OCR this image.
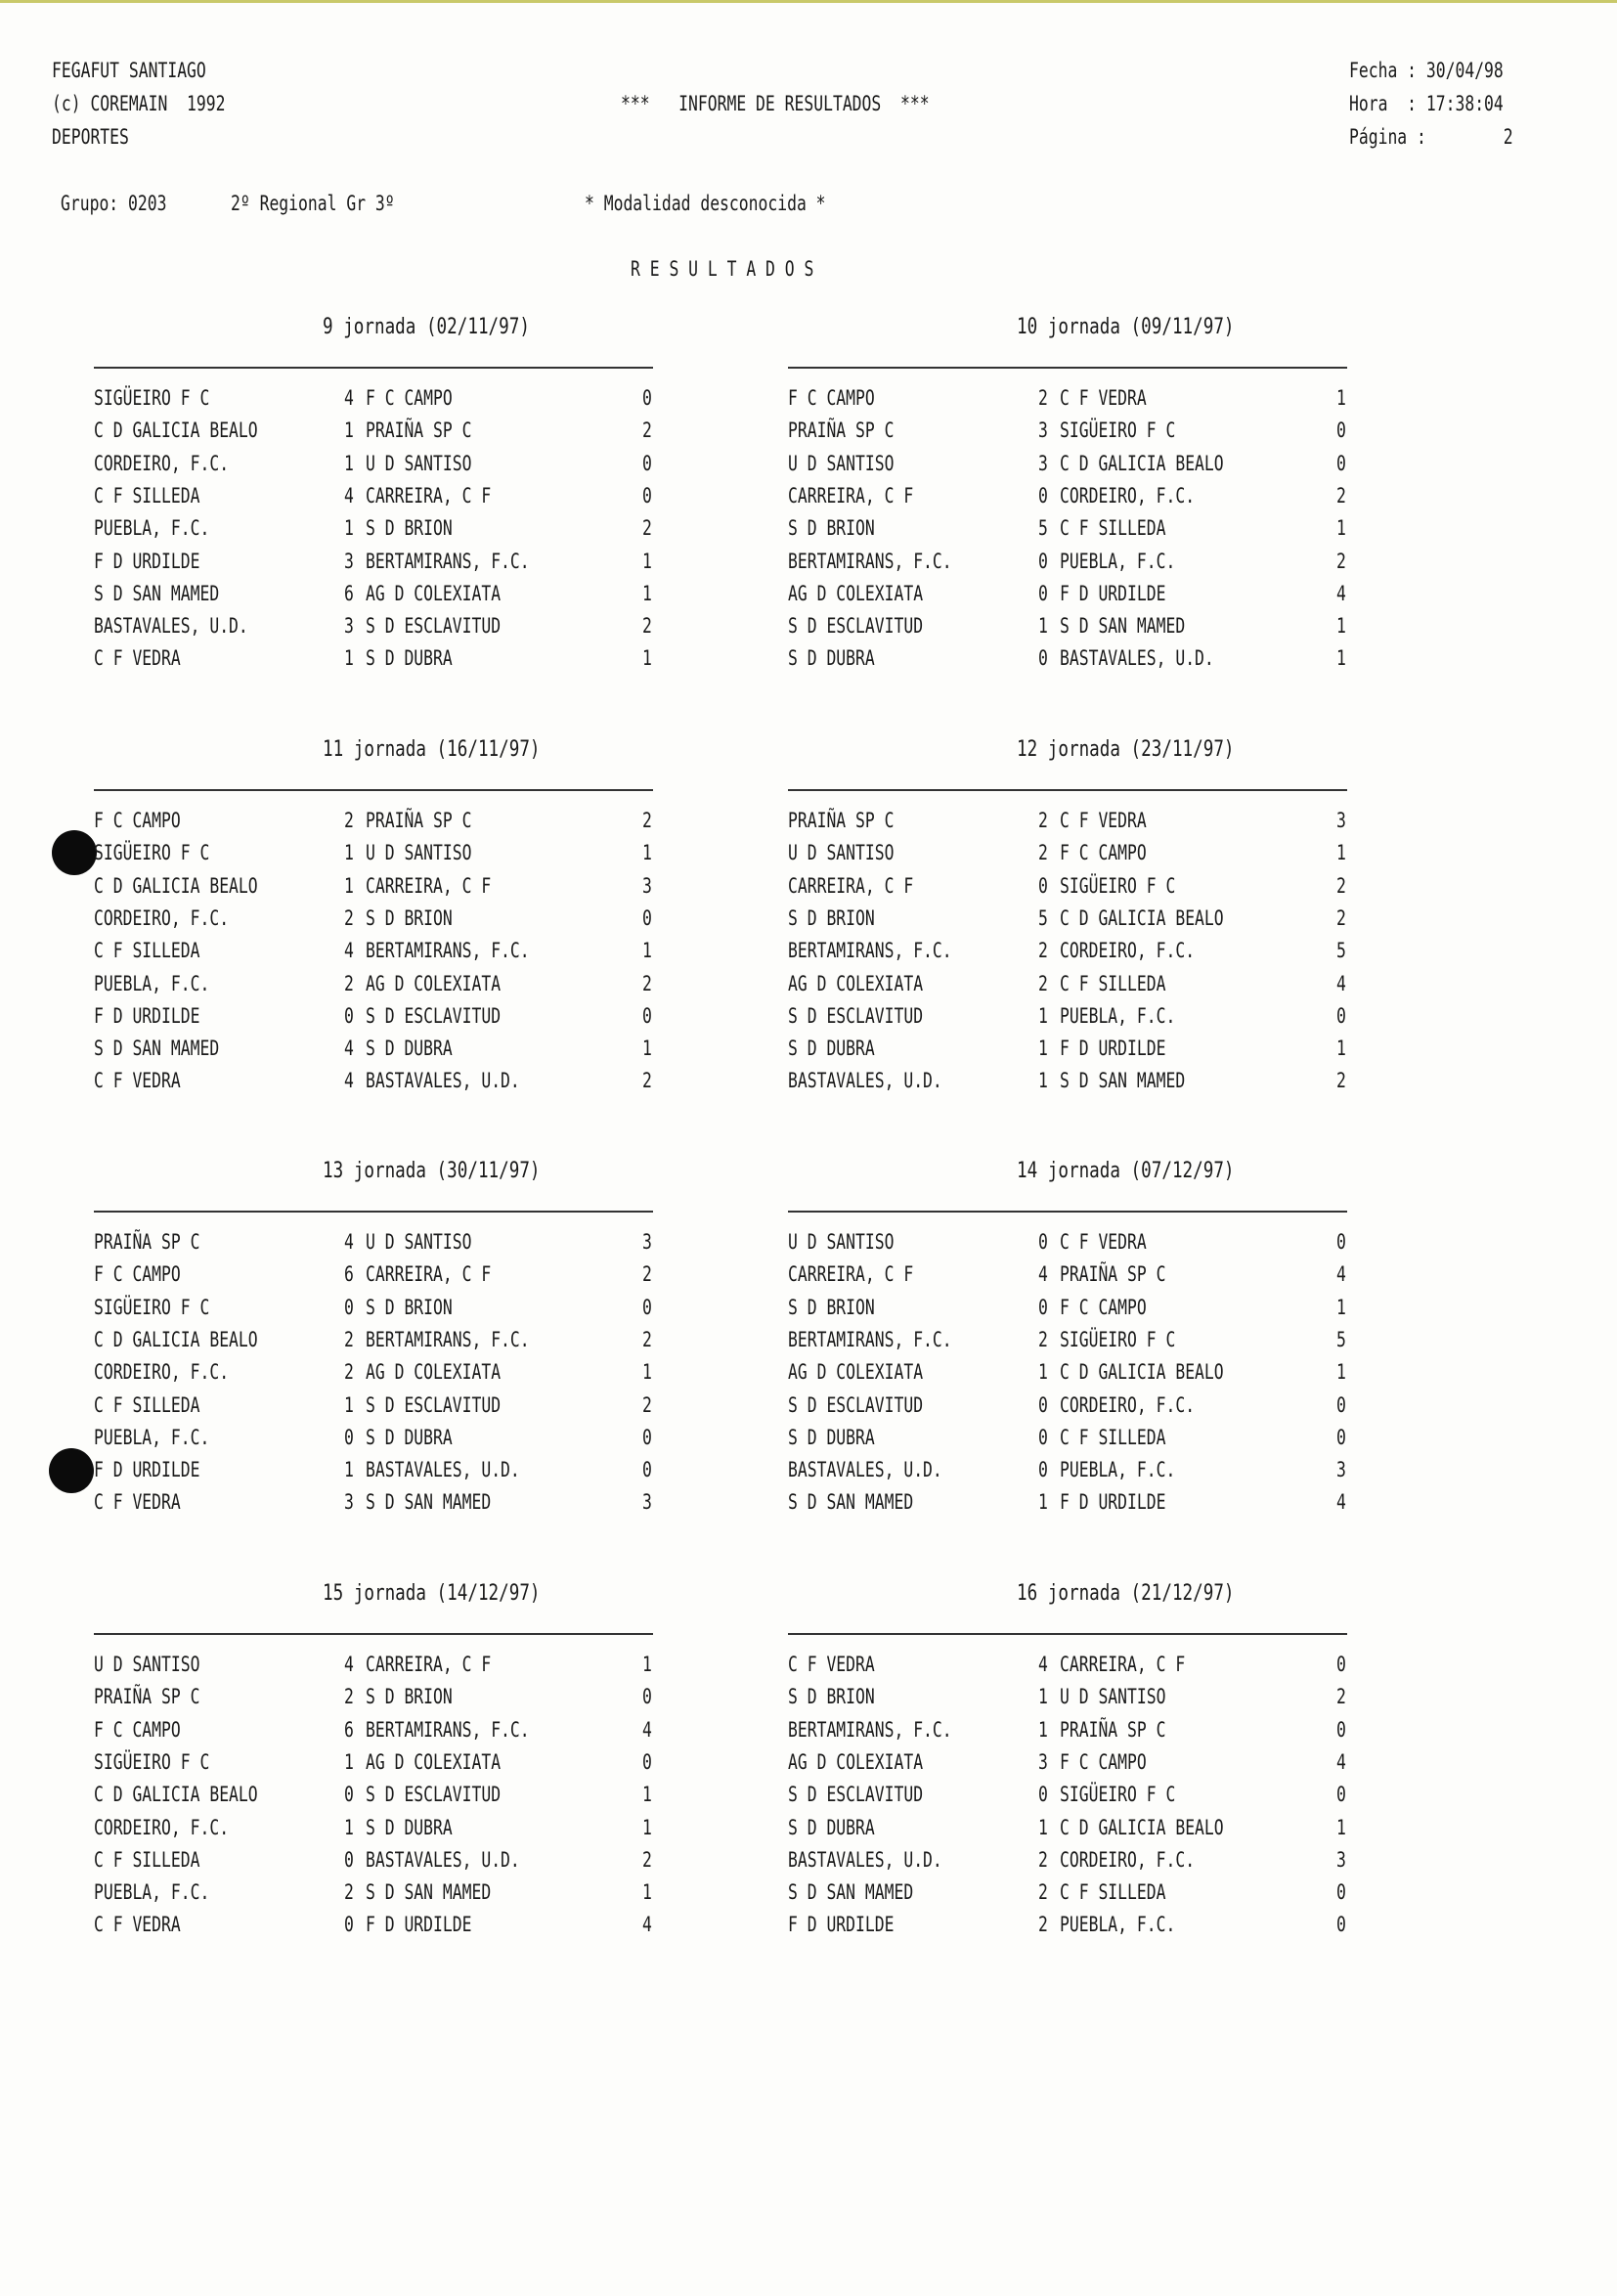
FEGAFUT SANTIAGO
(c) COREMAIN  1992
DEPORTES
***   INFORME DE RESULTADOS  ***
Fecha : 30/04/98
Hora  : 17:38:04
Página :        2
Grupo: 0203	2º Regional Gr 3º	* Modalidad desconocida *
R E S U L T A D O S
9 jornada (02/11/97)
SIGÜEIRO F C	4 F C CAMPO	0
C D GALICIA BEALO	1 PRAIÑA SP C	2
CORDEIRO, F.C.	1 U D SANTISO	0
C F SILLEDA	4 CARREIRA, C F	0
PUEBLA, F.C.	1 S D BRION	2
F D URDILDE	3 BERTAMIRANS, F.C.	1
S D SAN MAMED	6 AG D COLEXIATA	1
BASTAVALES, U.D.	3 S D ESCLAVITUD	2
C F VEDRA	1 S D DUBRA	1
10 jornada (09/11/97)
F C CAMPO	2 C F VEDRA	1
PRAIÑA SP C	3 SIGÜEIRO F C	0
U D SANTISO	3 C D GALICIA BEALO	0
CARREIRA, C F	0 CORDEIRO, F.C.	2
S D BRION	5 C F SILLEDA	1
BERTAMIRANS, F.C.	0 PUEBLA, F.C.	2
AG D COLEXIATA	0 F D URDILDE	4
S D ESCLAVITUD	1 S D SAN MAMED	1
S D DUBRA	0 BASTAVALES, U.D.	1
11 jornada (16/11/97)
F C CAMPO	2 PRAIÑA SP C	2
SIGÜEIRO F C	1 U D SANTISO	1
C D GALICIA BEALO	1 CARREIRA, C F	3
CORDEIRO, F.C.	2 S D BRION	0
C F SILLEDA	4 BERTAMIRANS, F.C.	1
PUEBLA, F.C.	2 AG D COLEXIATA	2
F D URDILDE	0 S D ESCLAVITUD	0
S D SAN MAMED	4 S D DUBRA	1
C F VEDRA	4 BASTAVALES, U.D.	2
12 jornada (23/11/97)
PRAIÑA SP C	2 C F VEDRA	3
U D SANTISO	2 F C CAMPO	1
CARREIRA, C F	0 SIGÜEIRO F C	2
S D BRION	5 C D GALICIA BEALO	2
BERTAMIRANS, F.C.	2 CORDEIRO, F.C.	5
AG D COLEXIATA	2 C F SILLEDA	4
S D ESCLAVITUD	1 PUEBLA, F.C.	0
S D DUBRA	1 F D URDILDE	1
BASTAVALES, U.D.	1 S D SAN MAMED	2
13 jornada (30/11/97)
PRAIÑA SP C	4 U D SANTISO	3
F C CAMPO	6 CARREIRA, C F	2
SIGÜEIRO F C	0 S D BRION	0
C D GALICIA BEALO	2 BERTAMIRANS, F.C.	2
CORDEIRO, F.C.	2 AG D COLEXIATA	1
C F SILLEDA	1 S D ESCLAVITUD	2
PUEBLA, F.C.	0 S D DUBRA	0
F D URDILDE	1 BASTAVALES, U.D.	0
C F VEDRA	3 S D SAN MAMED	3
14 jornada (07/12/97)
U D SANTISO	0 C F VEDRA	0
CARREIRA, C F	4 PRAIÑA SP C	4
S D BRION	0 F C CAMPO	1
BERTAMIRANS, F.C.	2 SIGÜEIRO F C	5
AG D COLEXIATA	1 C D GALICIA BEALO	1
S D ESCLAVITUD	0 CORDEIRO, F.C.	0
S D DUBRA	0 C F SILLEDA	0
BASTAVALES, U.D.	0 PUEBLA, F.C.	3
S D SAN MAMED	1 F D URDILDE	4
15 jornada (14/12/97)
U D SANTISO	4 CARREIRA, C F	1
PRAIÑA SP C	2 S D BRION	0
F C CAMPO	6 BERTAMIRANS, F.C.	4
SIGÜEIRO F C	1 AG D COLEXIATA	0
C D GALICIA BEALO	0 S D ESCLAVITUD	1
CORDEIRO, F.C.	1 S D DUBRA	1
C F SILLEDA	0 BASTAVALES, U.D.	2
PUEBLA, F.C.	2 S D SAN MAMED	1
C F VEDRA	0 F D URDILDE	4
16 jornada (21/12/97)
C F VEDRA	4 CARREIRA, C F	0
S D BRION	1 U D SANTISO	2
BERTAMIRANS, F.C.	1 PRAIÑA SP C	0
AG D COLEXIATA	3 F C CAMPO	4
S D ESCLAVITUD	0 SIGÜEIRO F C	0
S D DUBRA	1 C D GALICIA BEALO	1
BASTAVALES, U.D.	2 CORDEIRO, F.C.	3
S D SAN MAMED	2 C F SILLEDA	0
F D URDILDE	2 PUEBLA, F.C.	0
